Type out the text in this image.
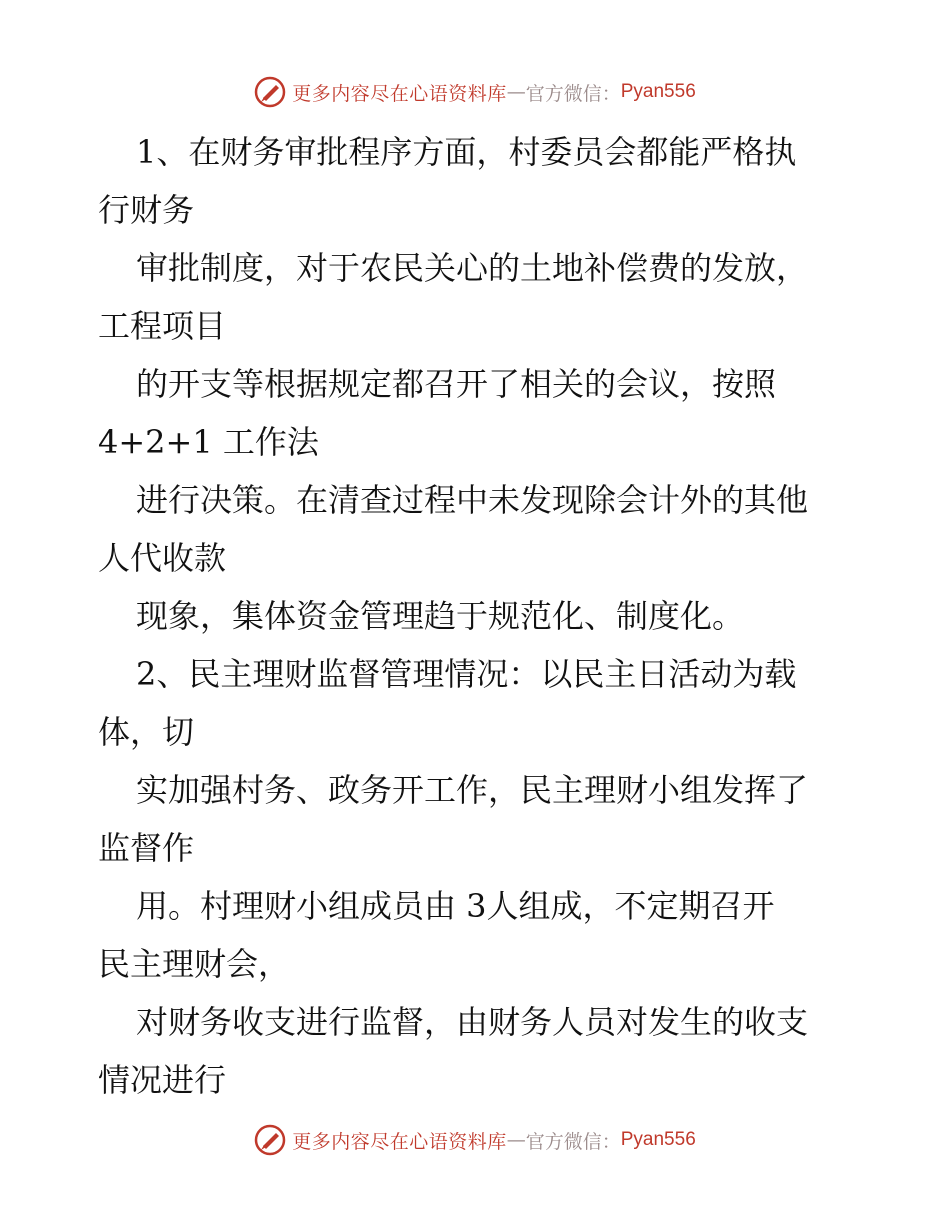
更多内容尽在心语资料库 — 官方微信： Pyan556

1、在财务审批程序方面，村委员会都能严格执
行财务

审批制度，对于农民关心的土地补偿费的发放，
工程项目

的开支等根据规定都召开了相关的会议，按照
4+2+1 工作法

进行决策。在清查过程中未发现除会计外的其他
人代收款

现象，集体资金管理趋于规范化、制度化。

2、民主理财监督管理情况：以民主日活动为载
体，切

实加强村务、政务开工作，民主理财小组发挥了
监督作

用。村理财小组成员由 3人组成，不定期召开
民主理财会，

对财务收支进行监督，由财务人员对发生的收支
情况进行

更多内容尽在心语资料库 — 官方微信： Pyan556
